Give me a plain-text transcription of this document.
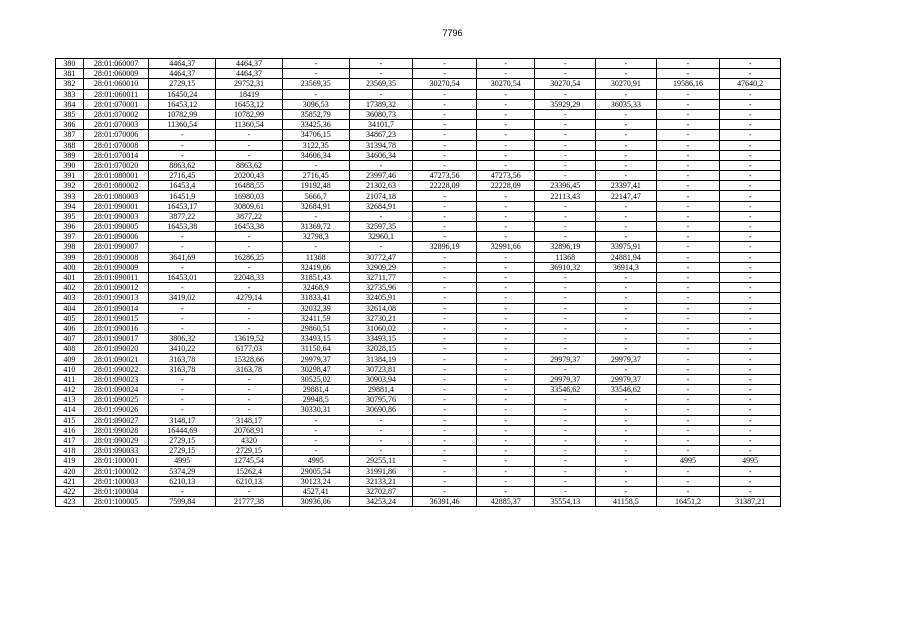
7796
380	28:01:060007	4464,37	4464,37	-	-	-	-	-	-	-	-
381	28:01:060009	4464,37	4464,37	-	-	-	-	-	-	-	-
382	28:01:060010	2729,15	29752,31	23569,35	23569,35	30270,54	30270,54	30270,54	30270,91	19586,16	47640,2
383	28:01:060011	16450,24	18419	-	-	-	-	-	-	-	-
384	28:01:070001	16453,12	16453,12	3096,53	17389,32	-	-	35929,29	36035,33	-	-
385	28:01:070002	10782,99	10782,99	35852,79	36080,73	-	-	-	-	-	-
386	28:01:070003	11360,54	11360,54	33425,36	34101,7	-	-	-	-	-	-
387	28:01:070006	-	-	34706,15	34867,23	-	-	-	-	-	-
388	28:01:070008	-	-	3122,35	31394,78	-	-	-	-	-	-
389	28:01:070014	-	-	34606,34	34606,34	-	-	-	-	-	-
390	28:01:070020	8863,62	8863,62	-	-	-	-	-	-	-	-
391	28:01:080001	2716,45	20200,43	2716,45	23997,46	47273,56	47273,56	-	-	-	-
392	28:01:080002	16453,4	16488,55	19192,48	21302,63	22228,09	22228,09	23396,45	23397,41	-	-
393	28:01:080003	16451,9	16980,03	5666,7	21074,18	-	-	22113,43	22147,47	-	-
394	28:01:090001	16453,17	30809,61	32684,91	32684,91	-	-	-	-	-	-
395	28:01:090003	3877,22	3877,22	-	-	-	-	-	-	-	-
396	28:01:090005	16453,38	16453,38	31369,72	32597,35	-	-	-	-	-	-
397	28:01:090006	-	-	32798,3	32960,1	-	-	-	-	-	-
398	28:01:090007	-	-	-	-	32896,19	32991,66	32896,19	33975,91	-	-
399	28:01:090008	3641,69	16286,25	11368	30772,47	-	-	11368	24881,94	-	-
400	28:01:090009	-	-	32419,06	32909,29	-	-	36910,32	36914,3	-	-
401	28:01:090011	16453,01	22048,33	31851,43	32711,77	-	-	-	-	-	-
402	28:01:090012	-	-	32468,9	32735,96	-	-	-	-	-	-
403	28:01:090013	3419,02	4279,14	31833,41	32405,91	-	-	-	-	-	-
404	28:01:090014	-	-	32032,39	32614,08	-	-	-	-	-	-
405	28:01:090015	-	-	32411,59	32730,21	-	-	-	-	-	-
406	28:01:090016	-	-	29860,51	31060,02	-	-	-	-	-	-
407	28:01:090017	3806,32	13619,52	33493,15	33493,15	-	-	-	-	-	-
408	28:01:090020	3410,22	6177,03	31150,64	32028,15	-	-	-	-	-	-
409	28:01:090021	3163,78	15328,66	29979,37	31384,19	-	-	29979,37	29979,37	-	-
410	28:01:090022	3163,78	3163,78	30298,47	30723,81	-	-	-	-	-	-
411	28:01:090023	-	-	30525,02	30903,94	-	-	29979,37	29979,37	-	-
412	28:01:090024	-	-	29881,4	29881,4	-	-	33546,62	33546,62	-	-
413	28:01:090025	-	-	29948,5	30795,76	-	-	-	-	-	-
414	28:01:090026	-	-	30330,31	30690,86	-	-	-	-	-	-
415	28:01:090027	3148,17	3148,17	-	-	-	-	-	-	-	-
416	28:01:090028	16444,69	20768,91	-	-	-	-	-	-	-	-
417	28:01:090029	2729,15	4320	-	-	-	-	-	-	-	-
418	28:01:090033	2729,15	2729,15	-	-	-	-	-	-	-	-
419	28:01:100001	4995	12745,54	4995	29255,11	-	-	-	-	4995	4995
420	28:01:100002	5374,29	15262,4	29005,54	31991,86	-	-	-	-	-	-
421	28:01:100003	6210,13	6210,13	30123,24	32133,21	-	-	-	-	-	-
422	28:01:100004	-	-	4527,41	32702,87	-	-	-	-	-	-
423	28:01:100005	7599,84	21777,38	30936,06	34253,24	36391,46	42885,37	35554,13	41158,5	16451,2	31387,21
